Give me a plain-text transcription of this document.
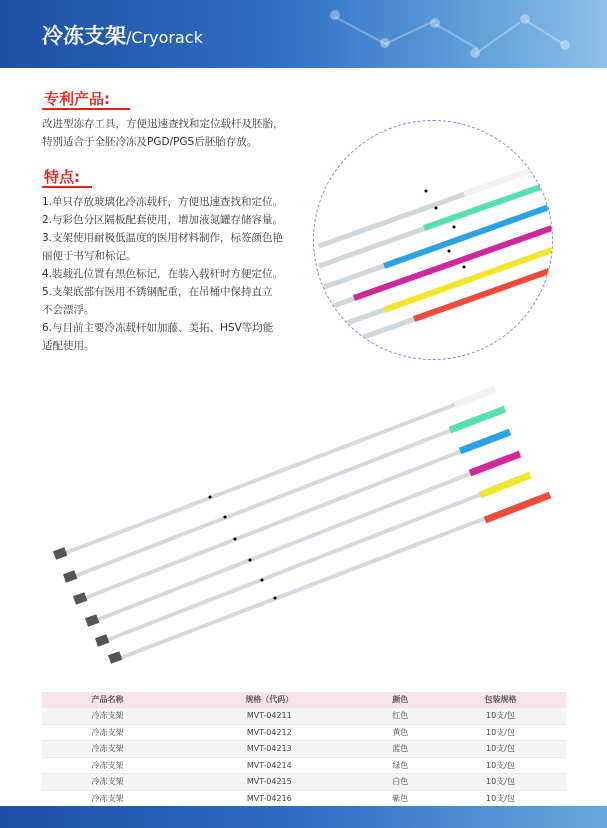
冷冻支架/Cryorack
专利产品:
改进型冻存工具，方便迅速查找和定位载杆及胚胎，
特别适合于全胚冷冻及PGD/PGS后胚胎存放。
特点:
1.单只存放玻璃化冷冻载杆，方便迅速查找和定位。
2.与彩色分区隔板配套使用，增加液氮罐存储容量。
3.支架使用耐极低温度的医用材料制作，标签颜色艳
丽便于书写和标记。
4.装载孔位置有黑色标记，在装入载杆时方便定位。
5.支架底部有医用不锈钢配重，在吊桶中保持直立
不会漂浮。
6.与目前主要冷冻载杆如加藤、美拓、HSV等均能
适配使用。
产品名称	规格（代码）	颜色	包装规格
冷冻支架	MVT-04211	红色	10支/包
冷冻支架	MVT-04212	黄色	10支/包
冷冻支架	MVT-04213	蓝色	10支/包
冷冻支架	MVT-04214	绿色	10支/包
冷冻支架	MVT-04215	白色	10支/包
冷冻支架	MVT-04216	紫色	10支/包
